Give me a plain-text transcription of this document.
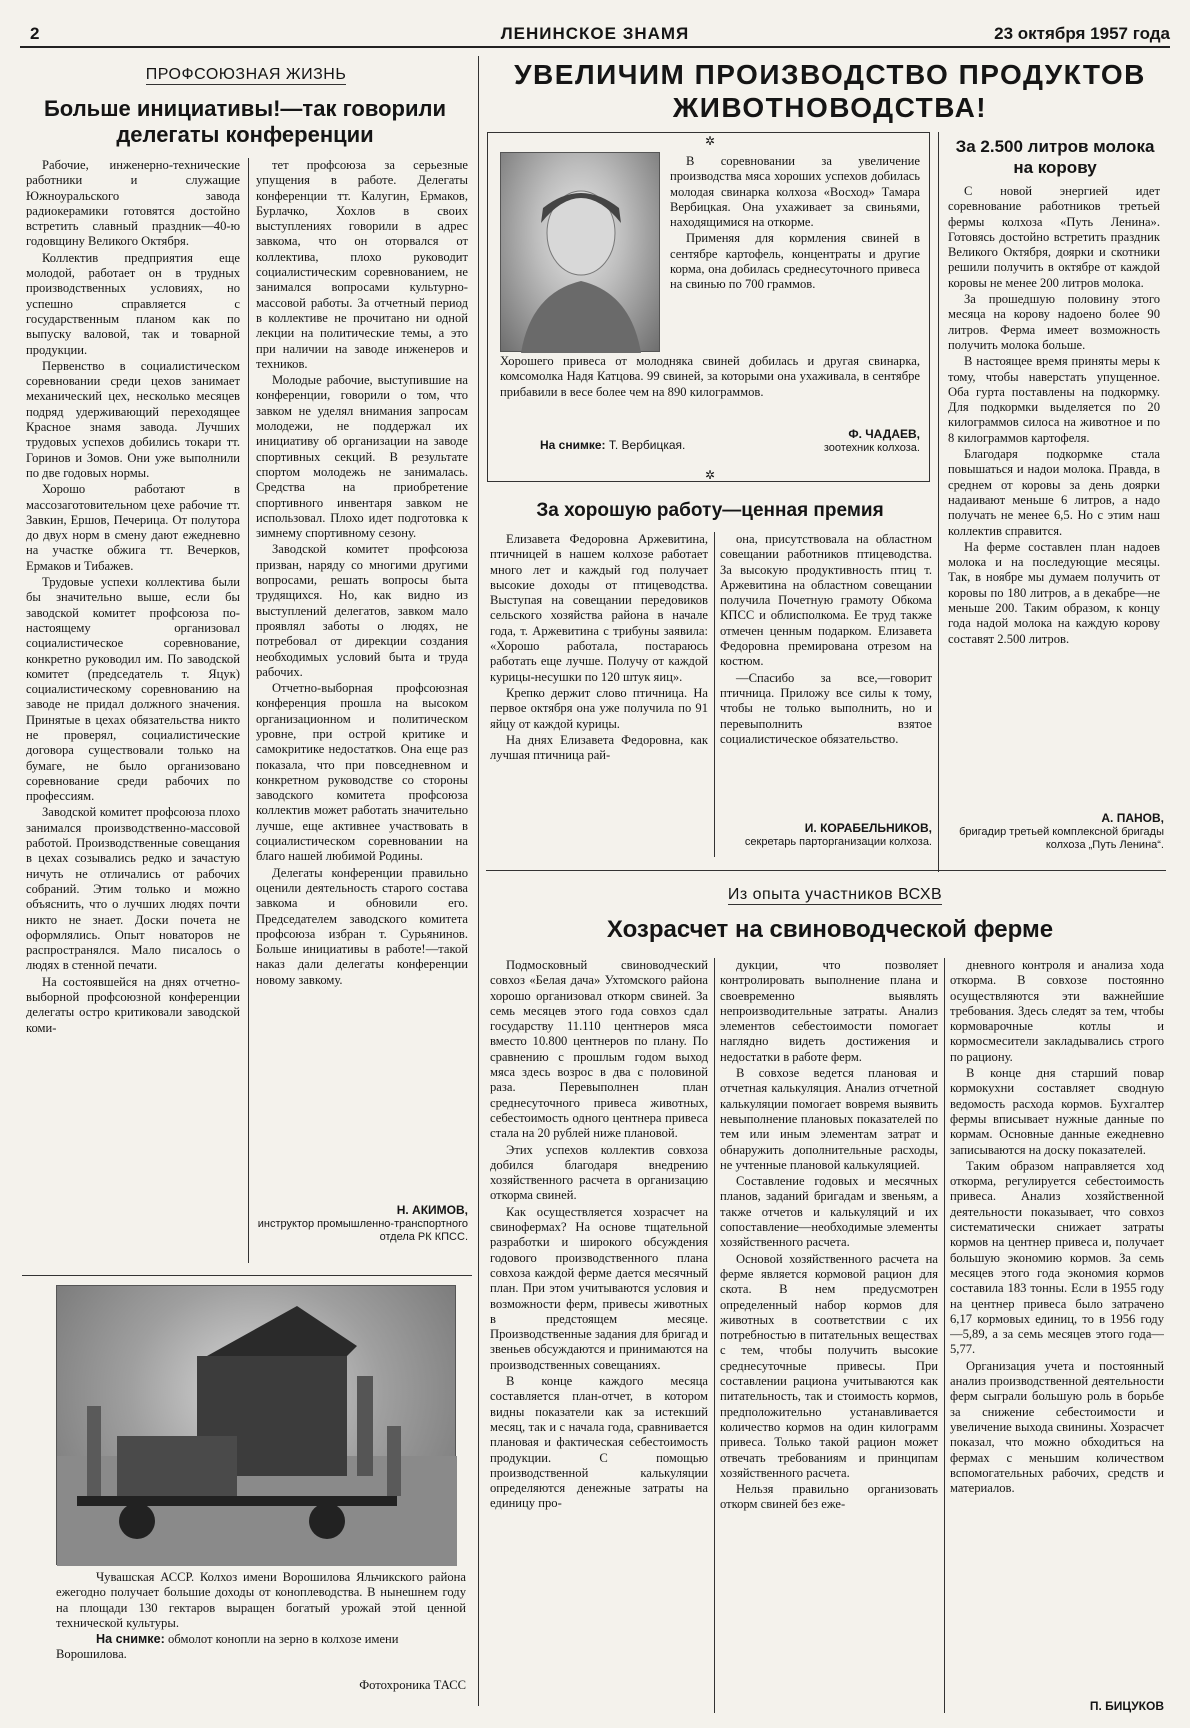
2	ЛЕНИНСКОЕ ЗНАМЯ	23 октября 1957 года
ПРОФСОЮЗНАЯ ЖИЗНЬ
Больше инициативы!—так говорили делегаты конференции

Рабочие, инженерно-технические работники и служащие Южноуральского завода радиокерамики готовятся достойно встретить славный праздник—40-ю годовщину Великого Октября.

Коллектив предприятия еще молодой, работает он в трудных производственных условиях, но успешно справляется с государственным планом как по выпуску валовой, так и товарной продукции.

Первенство в социалистическом соревновании среди цехов занимает механический цех, несколько месяцев подряд удерживающий переходящее Красное знамя завода. Лучших трудовых успехов добились токари тт. Горинов и Зомов. Они уже выполнили по две годовых нормы.

Хорошо работают в массозаготовительном цехе рабочие тт. Завкин, Ершов, Печерица. От полутора до двух норм в смену дают ежедневно на участке обжига тт. Вечерков, Ермаков и Тибажев.

Трудовые успехи коллектива были бы значительно выше, если бы заводской комитет профсоюза по-настоящему организовал социалистическое соревнование, конкретно руководил им. По заводской комитет (председатель т. Яцук) социалистическому соревнованию на заводе не придал должного значения. Принятые в цехах обязательства никто не проверял, социалистические договора существовали только на бумаге, не было организовано соревнование среди рабочих по профессиям.

Заводской комитет профсоюза плохо занимался производственно-массовой работой. Производственные совещания в цехах созывались редко и зачастую ничуть не отличались от рабочих собраний. Этим только и можно объяснить, что о лучших людях почти никто не знает. Доски почета не оформлялись. Опыт новаторов не распространялся. Мало писалось о людях в стенной печати.

На состоявшейся на днях отчетно-выборной профсоюзной конференции делегаты остро критиковали заводской коми-

тет профсоюза за серьезные упущения в работе. Делегаты конференции тт. Калугин, Ермаков, Бурлачко, Хохлов в своих выступлениях говорили в адрес завкома, что он оторвался от коллектива, плохо руководит социалистическим соревнованием, не занимался вопросами культурно-массовой работы. За отчетный период в коллективе не прочитано ни одной лекции на политические темы, а это при наличии на заводе инженеров и техников.

Молодые рабочие, выступившие на конференции, говорили о том, что завком не уделял внимания запросам молодежи, не поддержал их инициативу об организации на заводе спортивных секций. В результате спортом молодежь не занималась. Средства на приобретение спортивного инвентаря завком не использовал. Плохо идет подготовка к зимнему спортивному сезону.

Заводской комитет профсоюза призван, наряду со многими другими вопросами, решать вопросы быта трудящихся. Но, как видно из выступлений делегатов, завком мало проявлял заботы о людях, не потребовал от дирекции создания необходимых условий быта и труда рабочих.

Отчетно-выборная профсоюзная конференция прошла на высоком организационном и политическом уровне, при острой критике и самокритике недостатков. Она еще раз показала, что при повседневном и конкретном руководстве со стороны заводского комитета профсоюза коллектив может работать значительно лучше, еще активнее участвовать в социалистическом соревновании на благо нашей любимой Родины.

Делегаты конференции правильно оценили деятельность старого состава завкома и обновили его. Председателем заводского комитета профсоюза избран т. Сурьянинов. Больше инициативы в работе!—такой наказ дали делегаты конференции новому завкому.

Н. АКИМОВ,
инструктор промышленно-транспортного отдела РК КПСС.
Чувашская АССР. Колхоз имени Ворошилова Яльчикского района ежегодно получает большие доходы от коноплеводства. В нынешнем году на площади 130 гектаров выращен богатый урожай этой ценной технической культуры.
На снимке: обмолот конопли на зерно в колхозе имени Ворошилова.
Фотохроника ТАСС
УВЕЛИЧИМ ПРОИЗВОДСТВО ПРОДУКТОВ ЖИВОТНОВОДСТВА!
✲
✲

В соревновании за увеличение производства мяса хороших успехов добилась молодая свинарка колхоза «Восход» Тамара Вербицкая. Она ухаживает за свиньями, находящимися на откорме.

Применяя для кормления свиней в сентябре картофель, концентраты и другие корма, она добилась среднесуточного привеса на свинью по 700 граммов.

Хорошего привеса от молодняка свиней добилась и другая свинарка, комсомолка Надя Катцова. 99 свиней, за которыми она ухаживала, в сентябре прибавили в весе более чем на 890 килограммов.

На снимке: Т. Вербицкая.
Ф. ЧАДАЕВ,
зоотехник колхоза.
За 2.500 литров молока на корову

С новой энергией идет соревнование работников третьей фермы колхоза «Путь Ленина». Готовясь достойно встретить праздник Великого Октября, доярки и скотники решили получить в октябре от каждой коровы не менее 200 литров молока.

За прошедшую половину этого месяца на корову надоено более 90 литров. Ферма имеет возможность получить молока больше.

В настоящее время приняты меры к тому, чтобы наверстать упущенное. Оба гурта поставлены на подкормку. Для подкормки выделяется по 20 килограммов силоса на животное и по 8 килограммов картофеля.

Благодаря подкормке стала повышаться и надои молока. Правда, в среднем от коровы за день доярки надаивают меньше 6 литров, а надо получать не менее 6,5. Но с этим наш коллектив справится.

На ферме составлен план надоев молока и на последующие месяцы. Так, в ноябре мы думаем получить от коровы по 180 литров, а в декабре—не меньше 200. Таким образом, к концу года надой молока на каждую корову составят 2.500 литров.

А. ПАНОВ,
бригадир третьей комплексной бригады колхоза „Путь Ленина“.
За хорошую работу—ценная премия

Елизавета Федоровна Аржевитина, птичницей в нашем колхозе работает много лет и каждый год получает высокие доходы от птицеводства. Выступая на совещании передовиков сельского хозяйства района в начале года, т. Аржевитина с трибуны заявила: «Хорошо работала, постараюсь работать еще лучше. Получу от каждой курицы-несушки по 120 штук яиц».

Крепко держит слово птичница. На первое октября она уже получила по 91 яйцу от каждой курицы.

На днях Елизавета Федоровна, как лучшая птичница рай-

она, присутствовала на областном совещании работников птицеводства. За высокую продуктивность птиц т. Аржевитина на областном совещании получила Почетную грамоту Обкома КПСС и облисполкома. Ее труд также отмечен ценным подарком. Елизавета Федоровна премирована отрезом на костюм.

—Спасибо за все,—говорит птичница. Приложу все силы к тому, чтобы не только выполнить, но и перевыполнить взятое социалистическое обязательство.

И. КОРАБЕЛЬНИКОВ,
секретарь парторганизации колхоза.
Из опыта участников ВСХВ
Хозрасчет на свиноводческой ферме

Подмосковный свиноводческий совхоз «Белая дача» Ухтомского района хорошо организовал откорм свиней. За семь месяцев этого года совхоз сдал государству 11.110 центнеров мяса вместо 10.800 центнеров по плану. По сравнению с прошлым годом выход мяса здесь возрос в два с половиной раза. Перевыполнен план среднесуточного привеса животных, себестоимость одного центнера привеса стала на 20 рублей ниже плановой.

Этих успехов коллектив совхоза добился благодаря внедрению хозяйственного расчета в организацию откорма свиней.

Как осуществляется хозрасчет на свинофермах? На основе тщательной разработки и широкого обсуждения годового производственного плана совхоза каждой ферме дается месячный план. При этом учитываются условия и возможности ферм, привесы животных в предстоящем месяце. Производственные задания для бригад и звеньев обсуждаются и принимаются на производственных совещаниях.

В конце каждого месяца составляется план-отчет, в котором видны показатели как за истекший месяц, так и с начала года, сравнивается плановая и фактическая себестоимость продукции. С помощью производственной калькуляции определяются денежные затраты на единицу про-

дукции, что позволяет контролировать выполнение плана и своевременно выявлять непроизводительные затраты. Анализ элементов себестоимости помогает наглядно видеть достижения и недостатки в работе ферм.

В совхозе ведется плановая и отчетная калькуляция. Анализ отчетной калькуляции помогает вовремя выявить невыполнение плановых показателей по тем или иным элементам затрат и обнаружить дополнительные расходы, не учтенные плановой калькуляцией.

Составление годовых и месячных планов, заданий бригадам и звеньям, а также отчетов и калькуляций и их сопоставление—необходимые элементы хозяйственного расчета.

Основой хозяйственного расчета на ферме является кормовой рацион для скота. В нем предусмотрен определенный набор кормов для животных в соответствии с их потребностью в питательных веществах с тем, чтобы получить высокие среднесуточные привесы. При составлении рациона учитываются как питательность, так и стоимость кормов, предположительно устанавливается количество кормов на один килограмм привеса. Только такой рацион может отвечать требованиям и принципам хозяйственного расчета.

Нельзя правильно организовать откорм свиней без еже-

дневного контроля и анализа хода откорма. В совхозе постоянно осуществляются эти важнейшие требования. Здесь следят за тем, чтобы кормоварочные котлы и кормосмесители закладывались строго по рациону.

В конце дня старший повар кормокухни составляет сводную ведомость расхода кормов. Бухгалтер фермы вписывает нужные данные по кормам. Основные данные ежедневно записываются на доску показателей.

Таким образом направляется ход откорма, регулируется себестоимость привеса. Анализ хозяйственной деятельности показывает, что совхоз систематически снижает затраты кормов на центнер привеса и, получает большую экономию кормов. За семь месяцев этого года экономия кормов составила 183 тонны. Если в 1955 году на центнер привеса было затрачено 6,17 кормовых единиц, то в 1956 году—5,89, а за семь месяцев этого года—5,77.

Организация учета и постоянный анализ производственной деятельности ферм сыграли большую роль в борьбе за снижение себестоимости и увеличение выхода свинины. Хозрасчет показал, что можно обходиться на фермах с меньшим количеством вспомогательных рабочих, средств и материалов.

П. БИЦУКОВ
